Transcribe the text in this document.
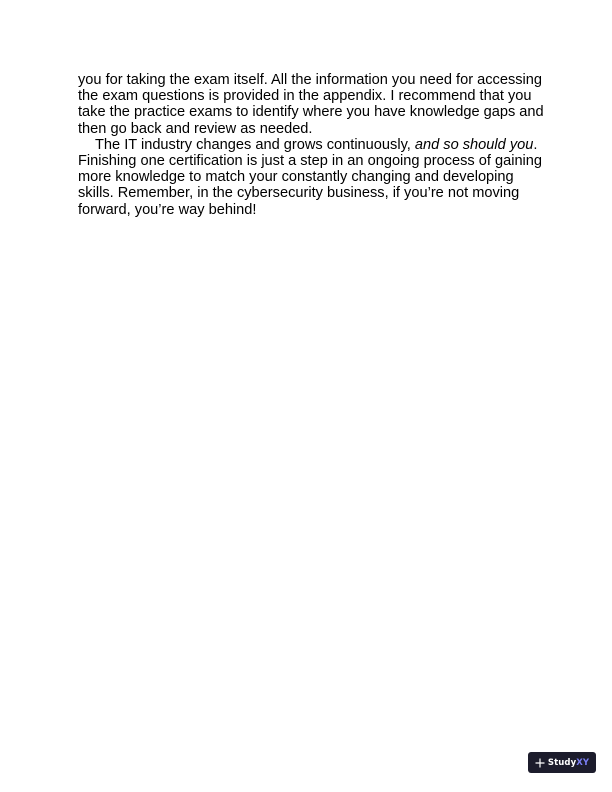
you for taking the exam itself. All the information you need for accessing the exam questions is provided in the appendix. I recommend that you take the practice exams to identify where you have knowledge gaps and then go back and review as needed.

The IT industry changes and grows continuously, and so should you. Finishing one certification is just a step in an ongoing process of gaining more knowledge to match your constantly changing and developing skills. Remember, in the cybersecurity business, if you’re not moving forward, you’re way behind!

StudyXY
